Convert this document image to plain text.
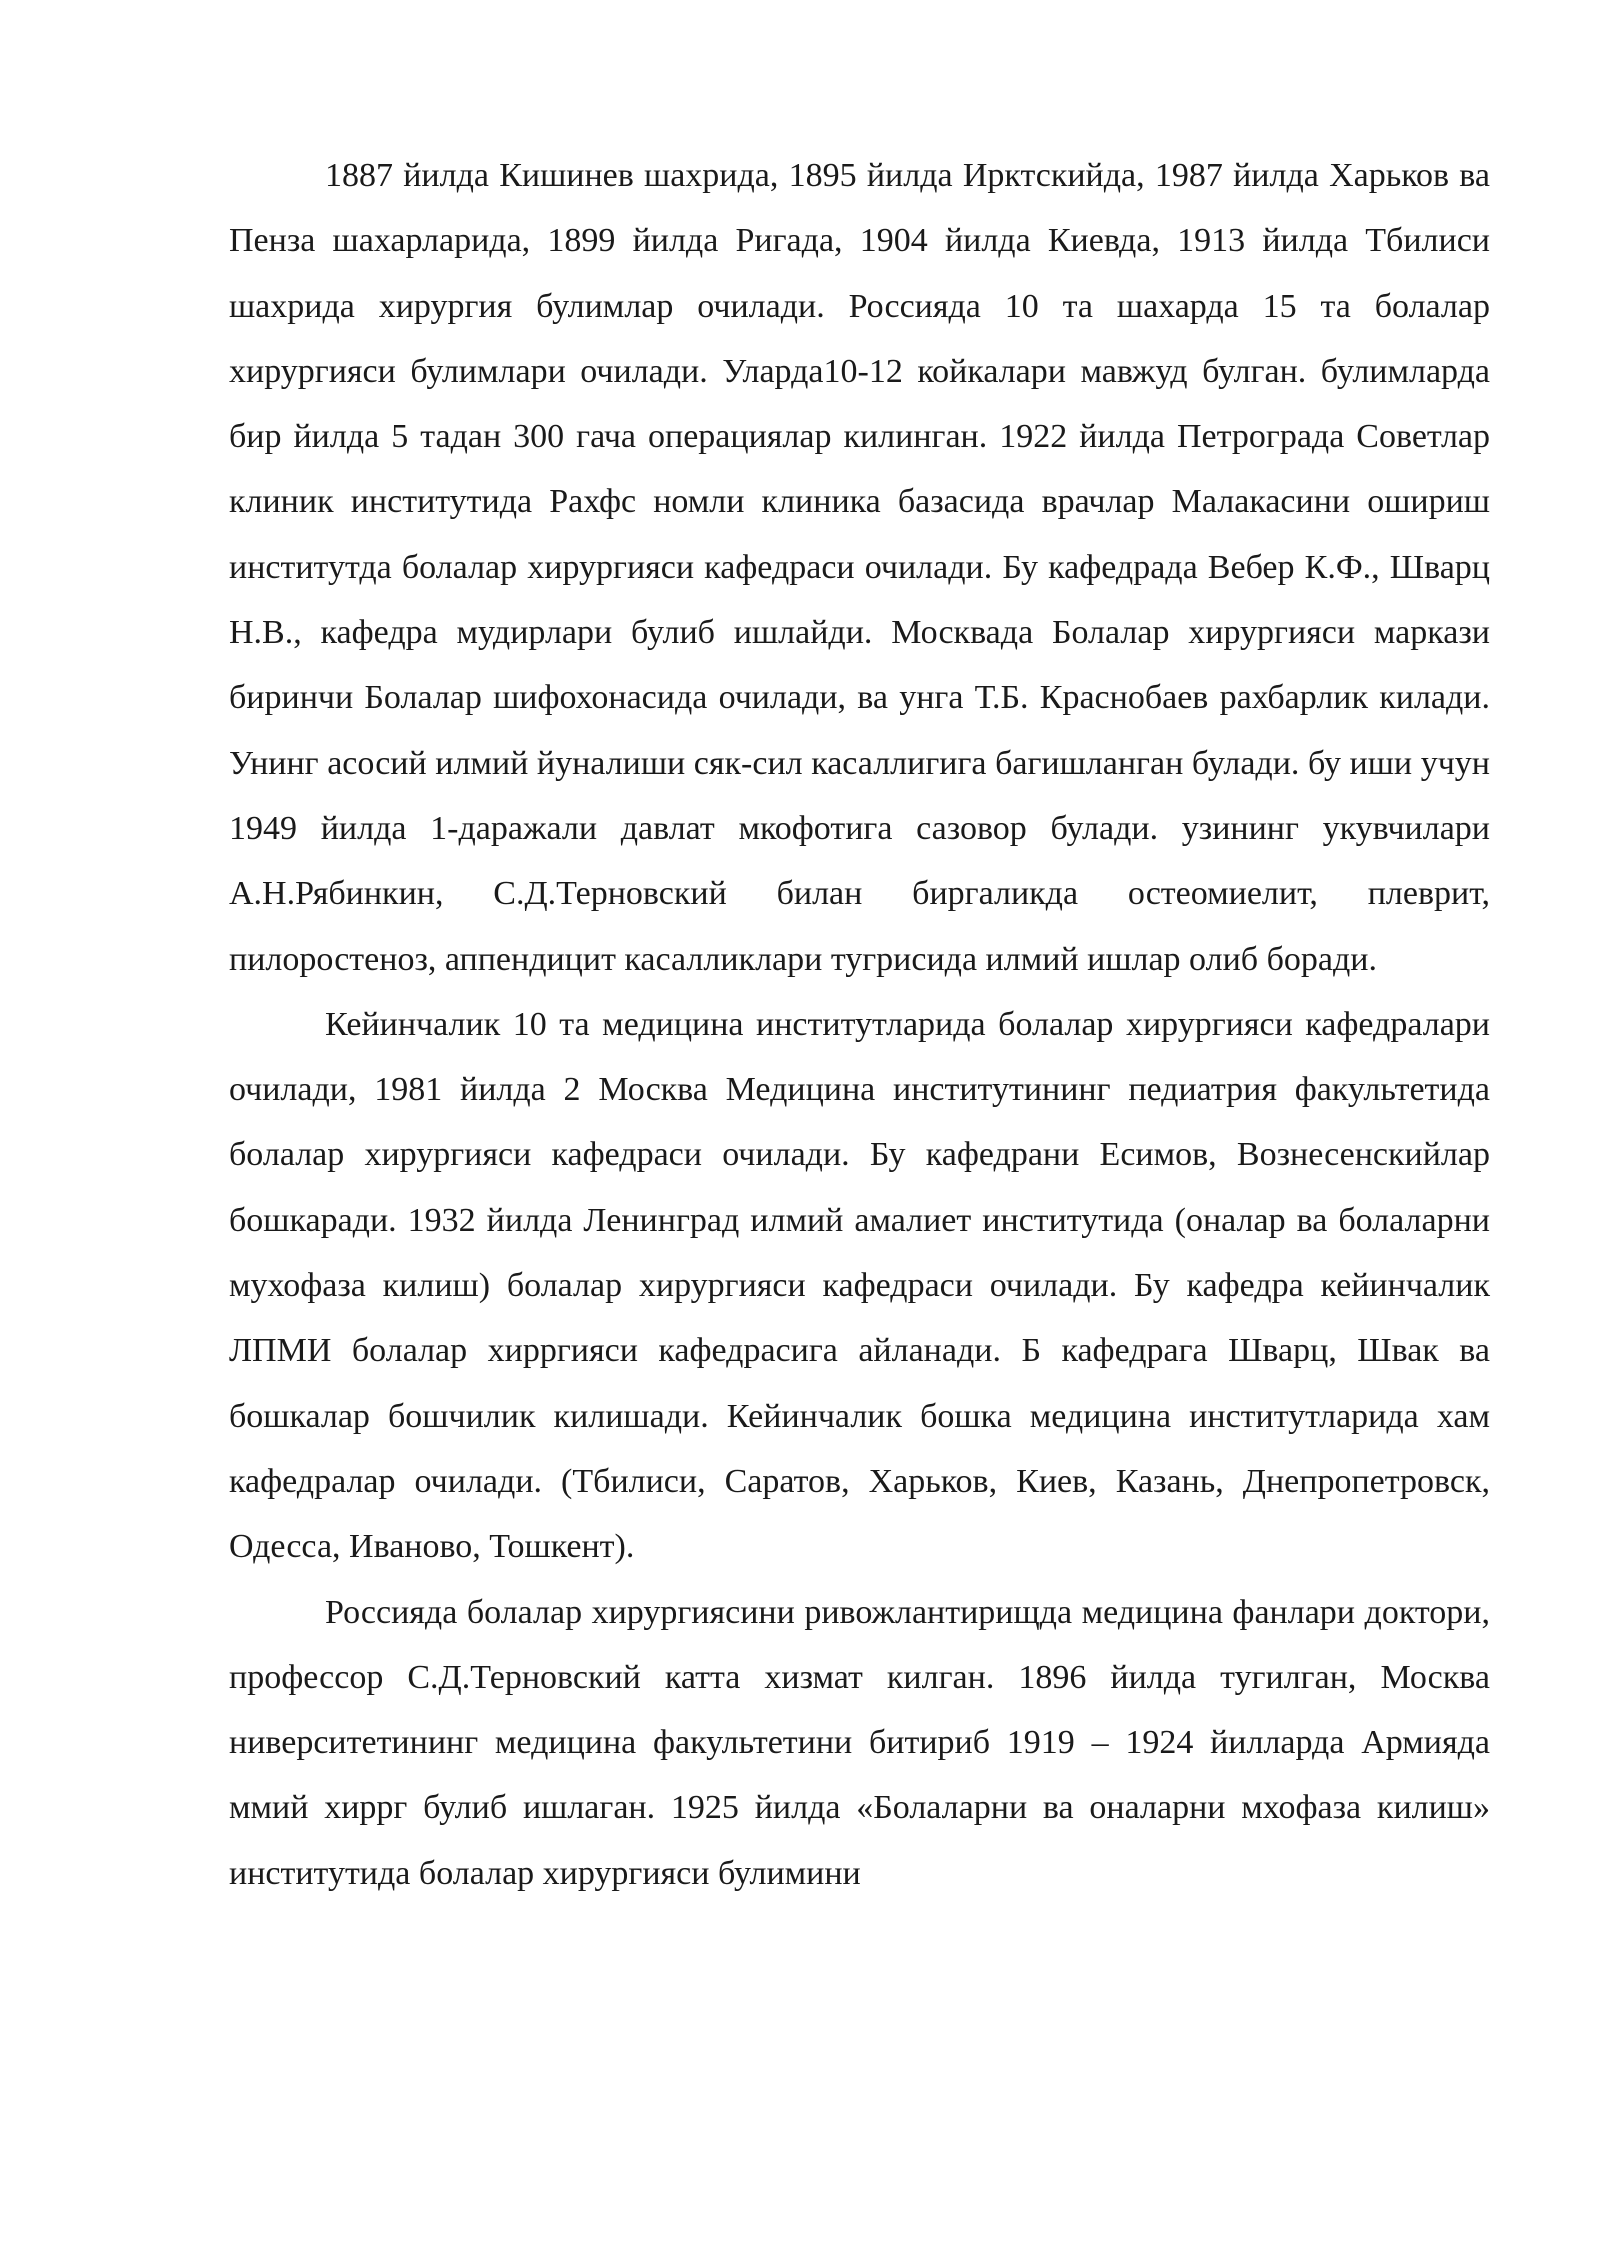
1887 йилда Кишинев шахрида, 1895 йилда Ирктскийда, 1987 йилда Харьков ва Пенза шахарларида, 1899 йилда Ригада, 1904 йилда Киевда, 1913 йилда Тбилиси шахрида хирургия булимлар очилади. Россияда 10 та шахарда 15 та болалар хирургияси булимлари очилади. Уларда10-12 койкалари мавжуд булган. булимларда бир йилда 5 тадан 300 гача операциялар килинган. 1922 йилда Петрограда Советлар клиник институтида Рахфс номли клиника базасида врачлар Малакасини ошириш институтда болалар хирургияси кафедраси очилади. Бу кафедрада Вебер К.Ф., Шварц Н.В., кафедра мудирлари булиб ишлайди. Москвада Болалар хирургияси маркази биринчи Болалар шифохонасида очилади, ва унга Т.Б. Краснобаев рахбарлик килади. Унинг асосий илмий йуналиши сяк-сил касаллигига багишланган булади. бу иши учун 1949 йилда 1-даражали давлат мкофотига сазовор булади. узининг укувчилари А.Н.Рябинкин, С.Д.Терновский билан биргаликда остеомиелит, плеврит, пилоростеноз, аппендицит касалликлари тугрисида илмий ишлар олиб боради.

Кейинчалик 10 та медицина институтларида болалар хирургияси кафедралари очилади, 1981 йилда 2 Москва Медицина институтининг педиатрия факультетида болалар хирургияси кафедраси очилади. Бу кафедрани Есимов, Вознесенскийлар бошкаради. 1932 йилда Ленинград илмий амалиет институтида (оналар ва болаларни мухофаза килиш) болалар хирургияси кафедраси очилади. Бу кафедра кейинчалик ЛПМИ болалар хирргияси кафедрасига айланади. Б кафедрага Шварц, Швак ва бошкалар бошчилик килишади. Кейинчалик бошка медицина институтларида хам кафедралар очилади. (Тбилиси, Саратов, Харьков, Киев, Казань, Днепропетровск, Одесса, Иваново, Тошкент).

Россияда болалар хирургиясини ривожлантирищда медицина фанлари доктори, профессор С.Д.Терновский катта хизмат килган. 1896 йилда тугилган, Москва ниверситетининг медицина факультетини битириб 1919 – 1924 йилларда Армияда ммий хиррг булиб ишлаган. 1925 йилда «Болаларни ва оналарни мхофаза килиш» институтида болалар хирургияси булимини
